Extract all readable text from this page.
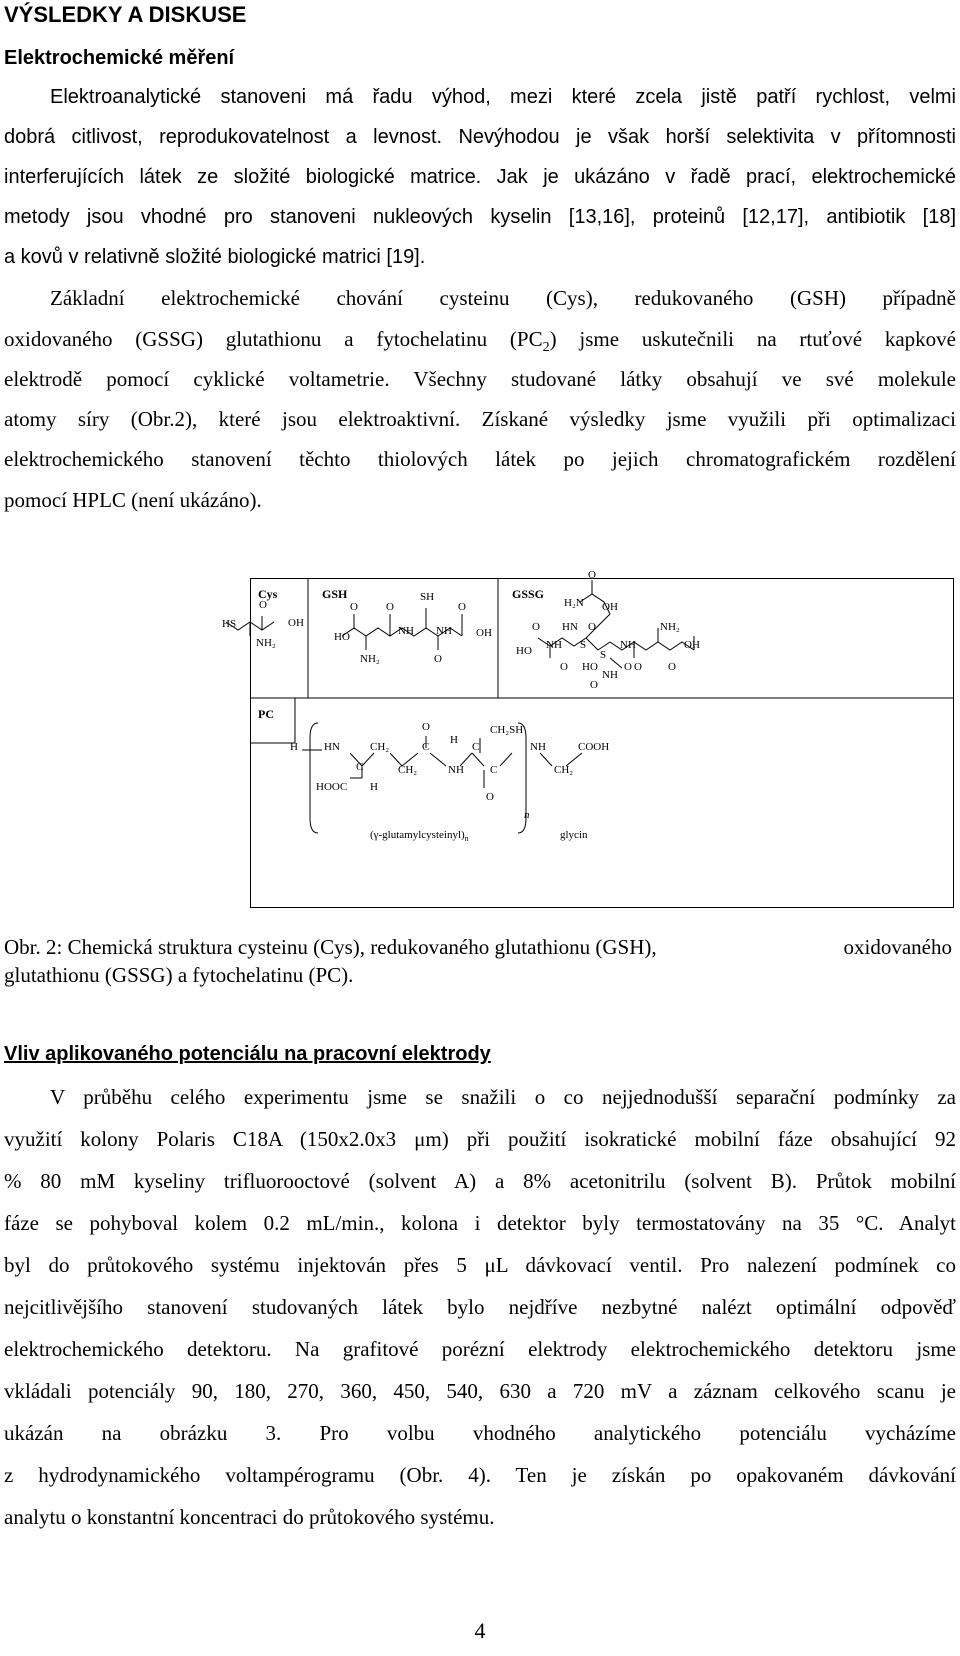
VÝSLEDKY A DISKUSE
Elektrochemické měření
Elektroanalytické stanoveni má řadu výhod, mezi které zcela jistě patří rychlost, velmi
dobrá citlivost, reprodukovatelnost a levnost. Nevýhodou je však horší selektivita v přítomnosti
interferujících látek ze složité biologické matrice. Jak je ukázáno v řadě prací, elektrochemické
metody jsou vhodné pro stanoveni nukleových kyselin [13,16], proteinů [12,17], antibiotik [18]
a kovů v relativně složité biologické matrici [19].
Základní elektrochemické chování cysteinu (Cys), redukovaného (GSH) případně
oxidovaného (GSSG) glutathionu a fytochelatinu $(PC_2)$ jsme uskutečnili na rtuťové kapkové
elektrodě pomocí cyklické voltametrie. Všechny studované látky obsahují ve své molekule
atomy síry (Obr.2), které jsou elektroaktivní. Získané výsledky jsme využili při optimalizaci
elektrochemického stanovení těchto thiolových látek po jejich chromatografickém rozdělení
pomocí HPLC (není ukázáno).
Cys
HS
NH₂
O
OH
GSH
HO
O
NH₂
O
NH
SH
NH
O
O
OH
GSSG
H₂N
O
OH
HN O
O
NH
HO
O
S
S
NH
HO
NH
O
O
O
NH₂
O
OH
PC
H HN	CH₂
C
HOOC H
CH₂
O
C
NH
H
C
CH₂SH
C
O
NH
CH₂
COOH
n
$(\gamma-glutamylcysteinyl)_n$	glycin
Obr. 2: Chemická struktura cysteinu (Cys), redukovaného glutathionu (GSH),	oxidovaného
glutathionu (GSSG) a fytochelatinu (PC).
Vliv aplikovaného potenciálu na pracovní elektrody
V průběhu celého experimentu jsme se snažili o co nejjednodušší separační podmínky za
využití kolony Polaris C18A (150x2.0x3 μm) při použití isokratické mobilní fáze obsahující 92
% 80 mM kyseliny trifluorooctové (solvent A) a 8% acetonitrilu (solvent B). Průtok mobilní
fáze se pohyboval kolem 0.2 mL/min., kolona i detektor byly termostatovány na 35 °C. Analyt
byl do průtokového systému injektován přes 5 μL dávkovací ventil. Pro nalezení podmínek co
nejcitlivějšího stanovení studovaných látek bylo nejdříve nezbytné nalézt optimální odpověď
elektrochemického detektoru. Na grafitové porézní elektrody elektrochemického detektoru jsme
vkládali potenciály 90, 180, 270, 360, 450, 540, 630 a 720 mV a záznam celkového scanu je
ukázán na obrázku 3. Pro volbu vhodného analytického potenciálu vycházíme
z hydrodynamického voltampérogramu (Obr. 4). Ten je získán po opakovaném dávkování
analytu o konstantní koncentraci do průtokového systému.
4
